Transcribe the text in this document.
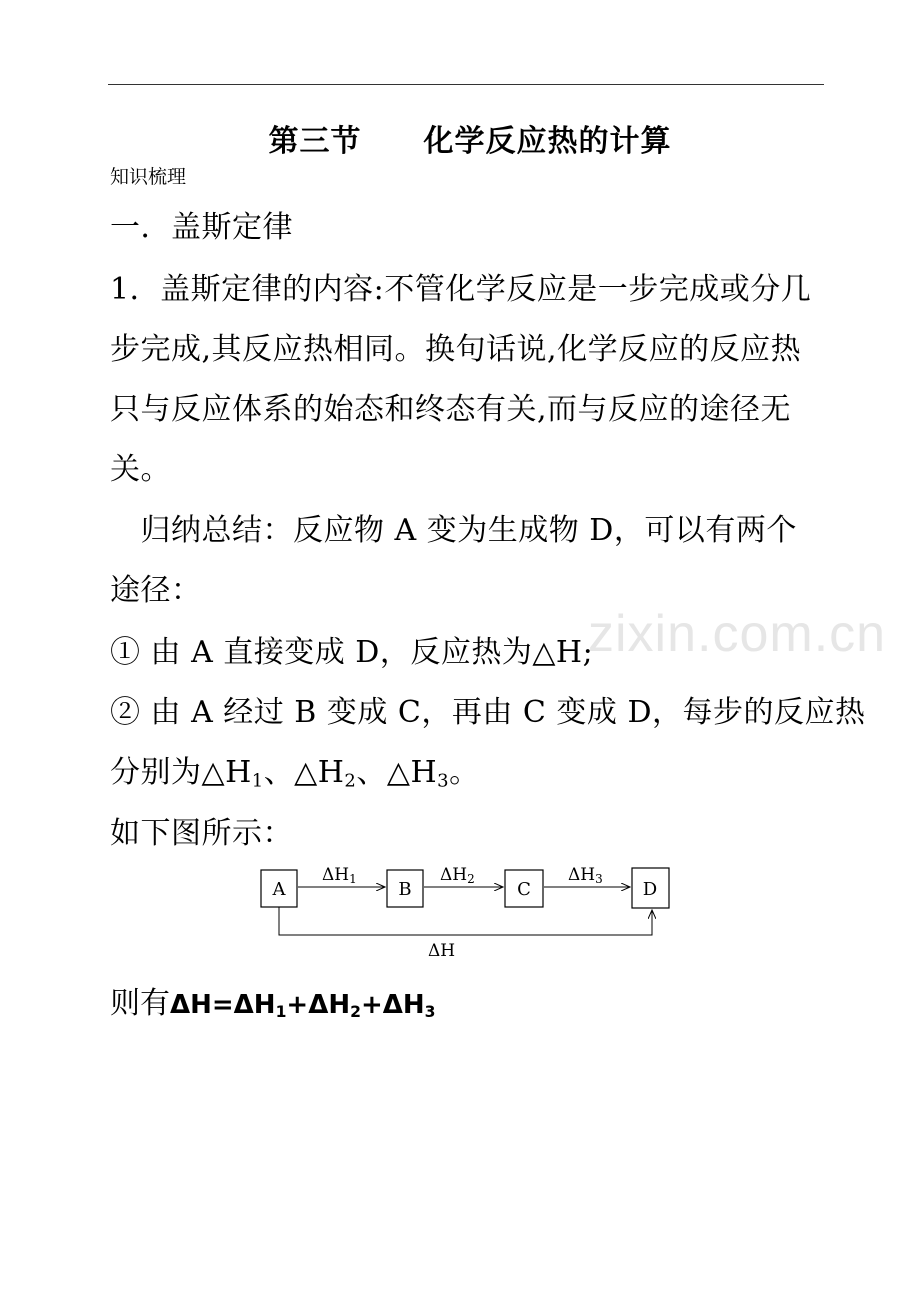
第三节　　化学反应热的计算
知识梳理
一．盖斯定律
1．盖斯定律的内容:不管化学反应是一步完成或分几
步完成,其反应热相同。换句话说,化学反应的反应热
只与反应体系的始态和终态有关,而与反应的途径无
关。
　归纳总结：反应物 A 变为生成物 D，可以有两个
途径：
zixin.com.cn
① 由 A 直接变成 D，反应热为△H;
② 由 A 经过 B 变成 C，再由 C 变成 D，每步的反应热
分别为$\triangle H_1$、$\triangle H_2$、$\triangle H_3$。
如下图所示：
A	B	C	D
ΔH1	ΔH2	ΔH3
ΔH
则有$\Delta H=\Delta H_1+\Delta H_2+\Delta H_3$
